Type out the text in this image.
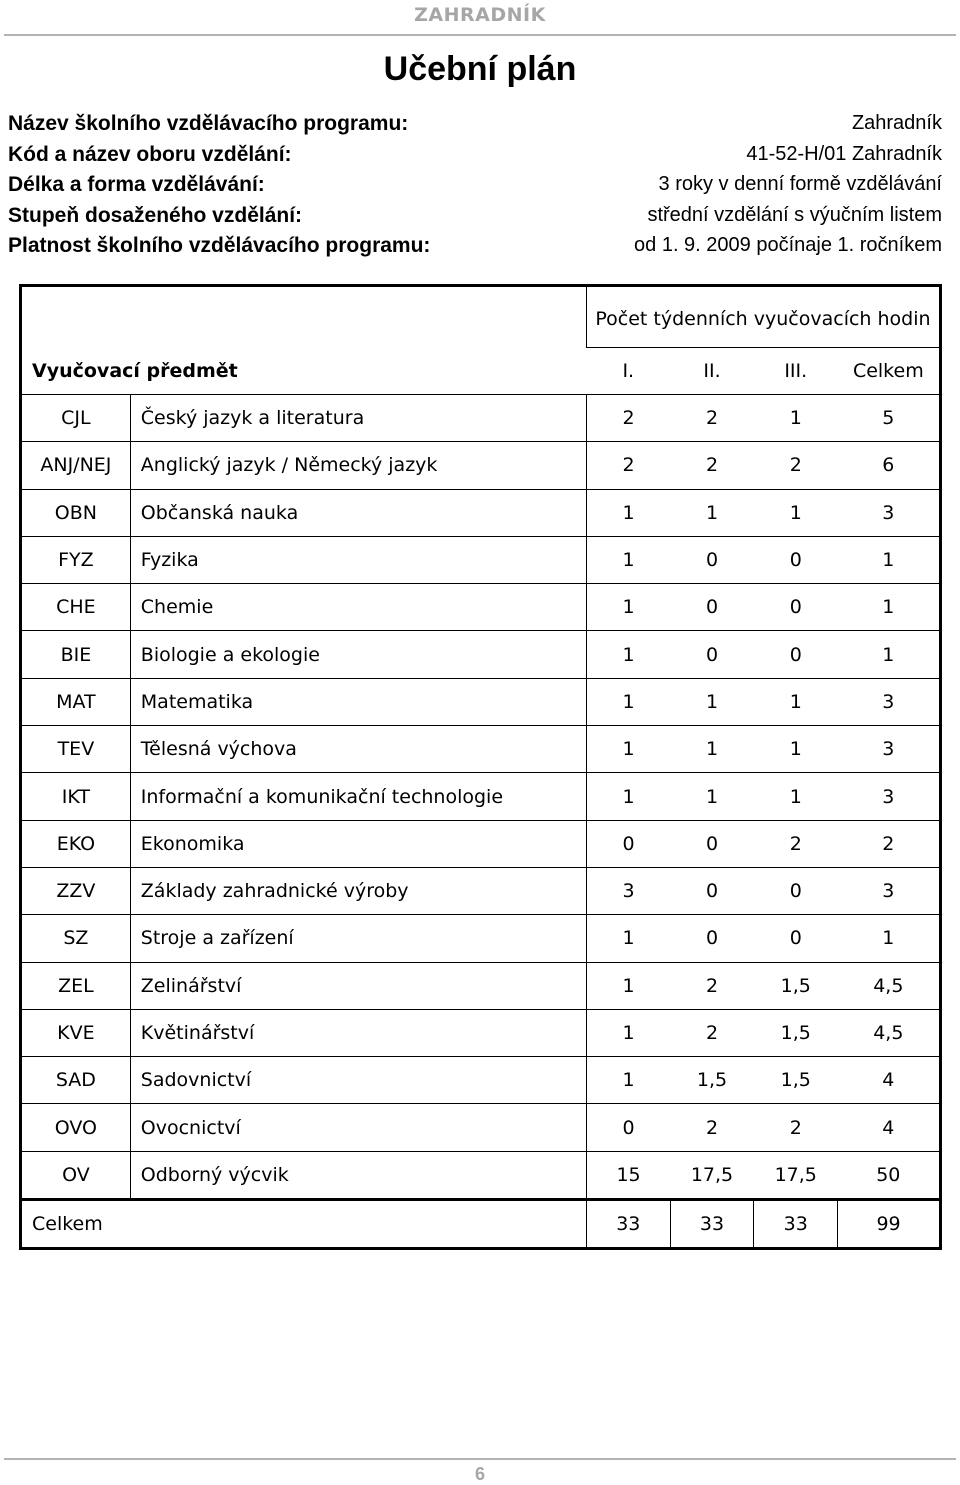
ZAHRADNÍK
Učební plán
Název školního vzdělávacího programu:	Zahradník
Kód a název oboru vzdělání:	41-52-H/01 Zahradník
Délka a forma vzdělávání:	3 roky v denní formě vzdělávání
Stupeň dosaženého vzdělání:	střední vzdělání s výučním listem
Platnost školního vzdělávacího programu:	od 1. 9. 2009 počínaje 1. ročníkem
		Počet týdenních vyučovacích hodin			
Vyučovací předmět		I.	II.	III.	Celkem
CJL	Český jazyk a literatura	2	2	1	5
ANJ/NEJ	Anglický jazyk / Německý jazyk	2	2	2	6
OBN	Občanská nauka	1	1	1	3
FYZ	Fyzika	1	0	0	1
CHE	Chemie	1	0	0	1
BIE	Biologie a ekologie	1	0	0	1
MAT	Matematika	1	1	1	3
TEV	Tělesná výchova	1	1	1	3
IKT	Informační a komunikační technologie	1	1	1	3
EKO	Ekonomika	0	0	2	2
ZZV	Základy zahradnické výroby	3	0	0	3
SZ	Stroje a zařízení	1	0	0	1
ZEL	Zelinářství	1	2	1,5	4,5
KVE	Květinářství	1	2	1,5	4,5
SAD	Sadovnictví	1	1,5	1,5	4
OVO	Ovocnictví	0	2	2	4
OV	Odborný výcvik	15	17,5	17,5	50
Celkem		33	33	33	99
6
